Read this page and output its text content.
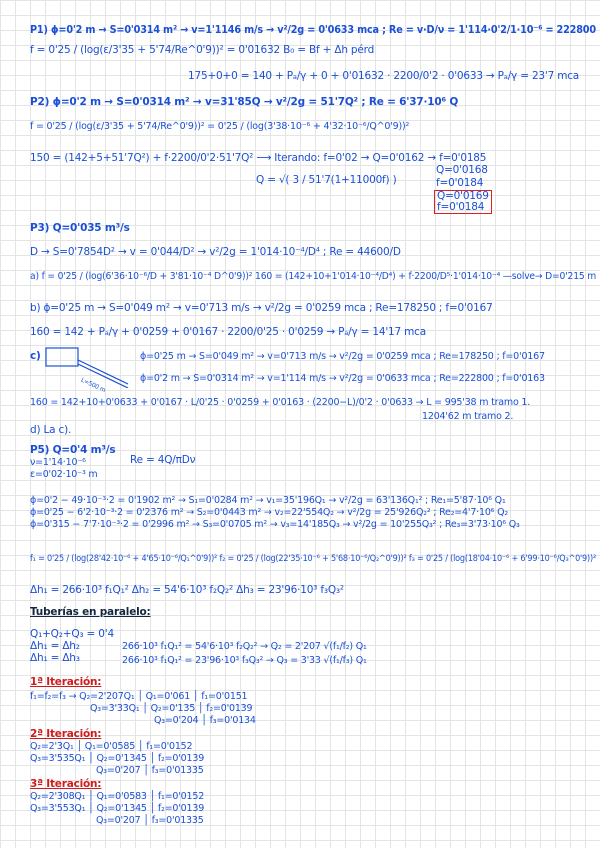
P1) ϕ=0'2 m → S=0'0314 m² → v=1'1146 m/s → v²/2g = 0'0633 mca ; Re = v·D/ν = 1'114·0'2/1·10⁻⁶ = 222800
f = 0'25 / (log(ε/3'35 + 5'74/Re^0'9))² = 0'01632 B₀ = Bf + Δh pérd
175+0+0 = 140 + Pₐ/γ + 0 + 0'01632 · 2200/0'2 · 0'0633 → Pₐ/γ = 23'7 mca
P2) ϕ=0'2 m → S=0'0314 m² → v=31'85Q → v²/2g = 51'7Q² ; Re = 6'37·10⁶ Q
f = 0'25 / (log(ε/3'35 + 5'74/Re^0'9))² = 0'25 / (log(3'38·10⁻⁶ + 4'32·10⁻⁶/Q^0'9))²
150 = (142+5+51'7Q²) + f·2200/0'2·51'7Q² ⟶ Iterando: f=0'02 → Q=0'0162 → f=0'0185
Q = √( 3 / 51'7(1+11000f) )
Q=0'0168
f=0'0184
Q=0'0169
f=0'0184
P3) Q=0'035 m³/s
D → S=0'7854D² → v = 0'044/D² → v²/2g = 1'014·10⁻⁴/D⁴ ; Re = 44600/D
a) f = 0'25 / (log(6'36·10⁻⁶/D + 3'81·10⁻⁴ D^0'9))² 160 = (142+10+1'014·10⁻⁴/D⁴) + f·2200/D⁵·1'014·10⁻⁴ —solve→ D=0'215 m
b) ϕ=0'25 m → S=0'049 m² → v=0'713 m/s → v²/2g = 0'0259 mca ; Re=178250 ; f=0'0167
160 = 142 + Pₐ/γ + 0'0259 + 0'0167 · 2200/0'25 · 0'0259 → Pₐ/γ = 14'17 mca
c)
L=500 m
ϕ=0'25 m → S=0'049 m² → v=0'713 m/s → v²/2g = 0'0259 mca ; Re=178250 ; f=0'0167
ϕ=0'2 m → S=0'0314 m² → v=1'114 m/s → v²/2g = 0'0633 mca ; Re=222800 ; f=0'0163
160 = 142+10+0'0633 + 0'0167 · L/0'25 · 0'0259 + 0'0163 · (2200−L)/0'2 · 0'0633 → L = 995'38 m tramo 1.
1204'62 m tramo 2.
d) La c).
P5) Q=0'4 m³/s
ν=1'14·10⁻⁶
ε=0'02·10⁻³ m
Re = 4Q/πDν
ϕ=0'2 − 49·10⁻³·2 = 0'1902 m² → S₁=0'0284 m² → v₁=35'196Q₁ → v²/2g = 63'136Q₁² ; Re₁=5'87·10⁶ Q₁
ϕ=0'25 − 6'2·10⁻³·2 = 0'2376 m² → S₂=0'0443 m² → v₂=22'554Q₂ → v²/2g = 25'926Q₂² ; Re₂=4'7·10⁶ Q₂
ϕ=0'315 − 7'7·10⁻³·2 = 0'2996 m² → S₃=0'0705 m² → v₃=14'185Q₃ → v²/2g = 10'255Q₃² ; Re₃=3'73·10⁶ Q₃
f₁ = 0'25 / (log(28'42·10⁻⁶ + 4'65·10⁻⁶/Q₁^0'9))² f₂ = 0'25 / (log(22'35·10⁻⁶ + 5'68·10⁻⁶/Q₂^0'9))² f₃ = 0'25 / (log(18'04·10⁻⁶ + 6'99·10⁻⁶/Q₃^0'9))²
Δh₁ = 266·10³ f₁Q₁² Δh₂ = 54'6·10³ f₂Q₂² Δh₃ = 23'96·10³ f₃Q₃²
Tuberías en paralelo:
Q₁+Q₂+Q₃ = 0'4
Δh₁ = Δh₂
Δh₁ = Δh₃
266·10³ f₁Q₁² = 54'6·10³ f₂Q₂² → Q₂ = 2'207 √(f₁/f₂) Q₁
266·10³ f₁Q₁² = 23'96·10³ f₃Q₃² → Q₃ = 3'33 √(f₁/f₃) Q₁
1ª Iteración:
f₁=f₂=f₃ → Q₂=2'207Q₁ │ Q₁=0'061 │ f₁=0'0151
Q₃=3'33Q₁ │ Q₂=0'135 │ f₂=0'0139
Q₃=0'204 │ f₃=0'0134
2ª Iteración:
Q₂=2'3Q₁ │ Q₁=0'0585 │ f₁=0'0152
Q₃=3'535Q₁ │ Q₂=0'1345 │ f₂=0'0139
Q₃=0'207 │ f₃=0'01335
3ª Iteración:
Q₂=2'308Q₁ │ Q₁=0'0583 │ f₁=0'0152
Q₃=3'553Q₁ │ Q₂=0'1345 │ f₂=0'0139
Q₃=0'207 │ f₃=0'01335
